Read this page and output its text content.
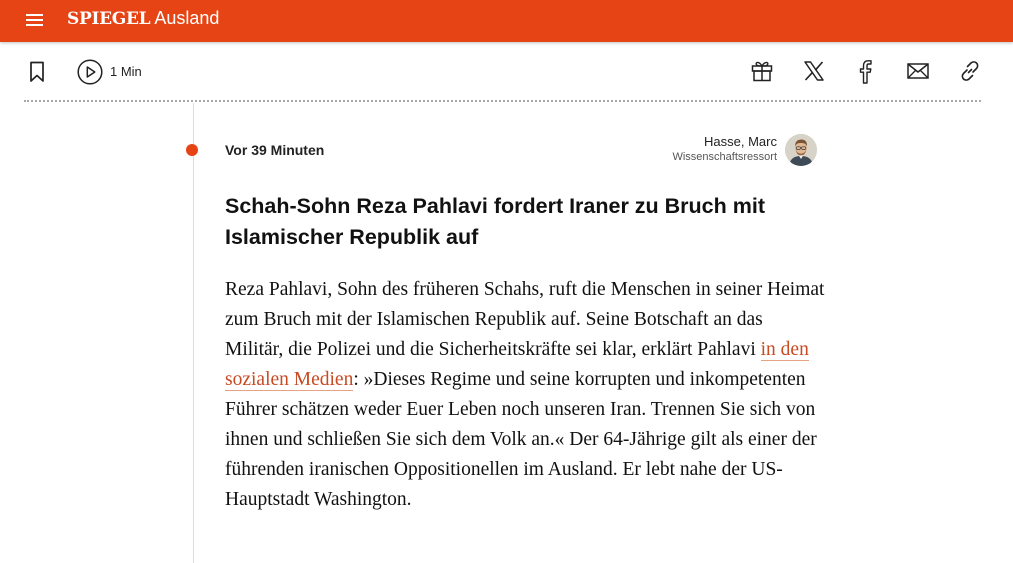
SPIEGEL Ausland
1 Min
Vor 39 Minuten
Hasse, Marc
Wissenschaftsressort
Schah-Sohn Reza Pahlavi fordert Iraner zu Bruch mit Islamischer Republik auf

Reza Pahlavi, Sohn des früheren Schahs, ruft die Menschen in seiner Heimat zum Bruch mit der Islamischen Republik auf. Seine Botschaft an das Militär, die Polizei und die Sicherheitskräfte sei klar, erklärt Pahlavi in den sozialen Medien: »Dieses Regime und seine korrupten und inkompetenten Führer schätzen weder Euer Leben noch unseren Iran. Trennen Sie sich von ihnen und schließen Sie sich dem Volk an.« Der 64-Jährige gilt als einer der führenden iranischen Oppositionellen im Ausland. Er lebt nahe der US-Hauptstadt Washington.
